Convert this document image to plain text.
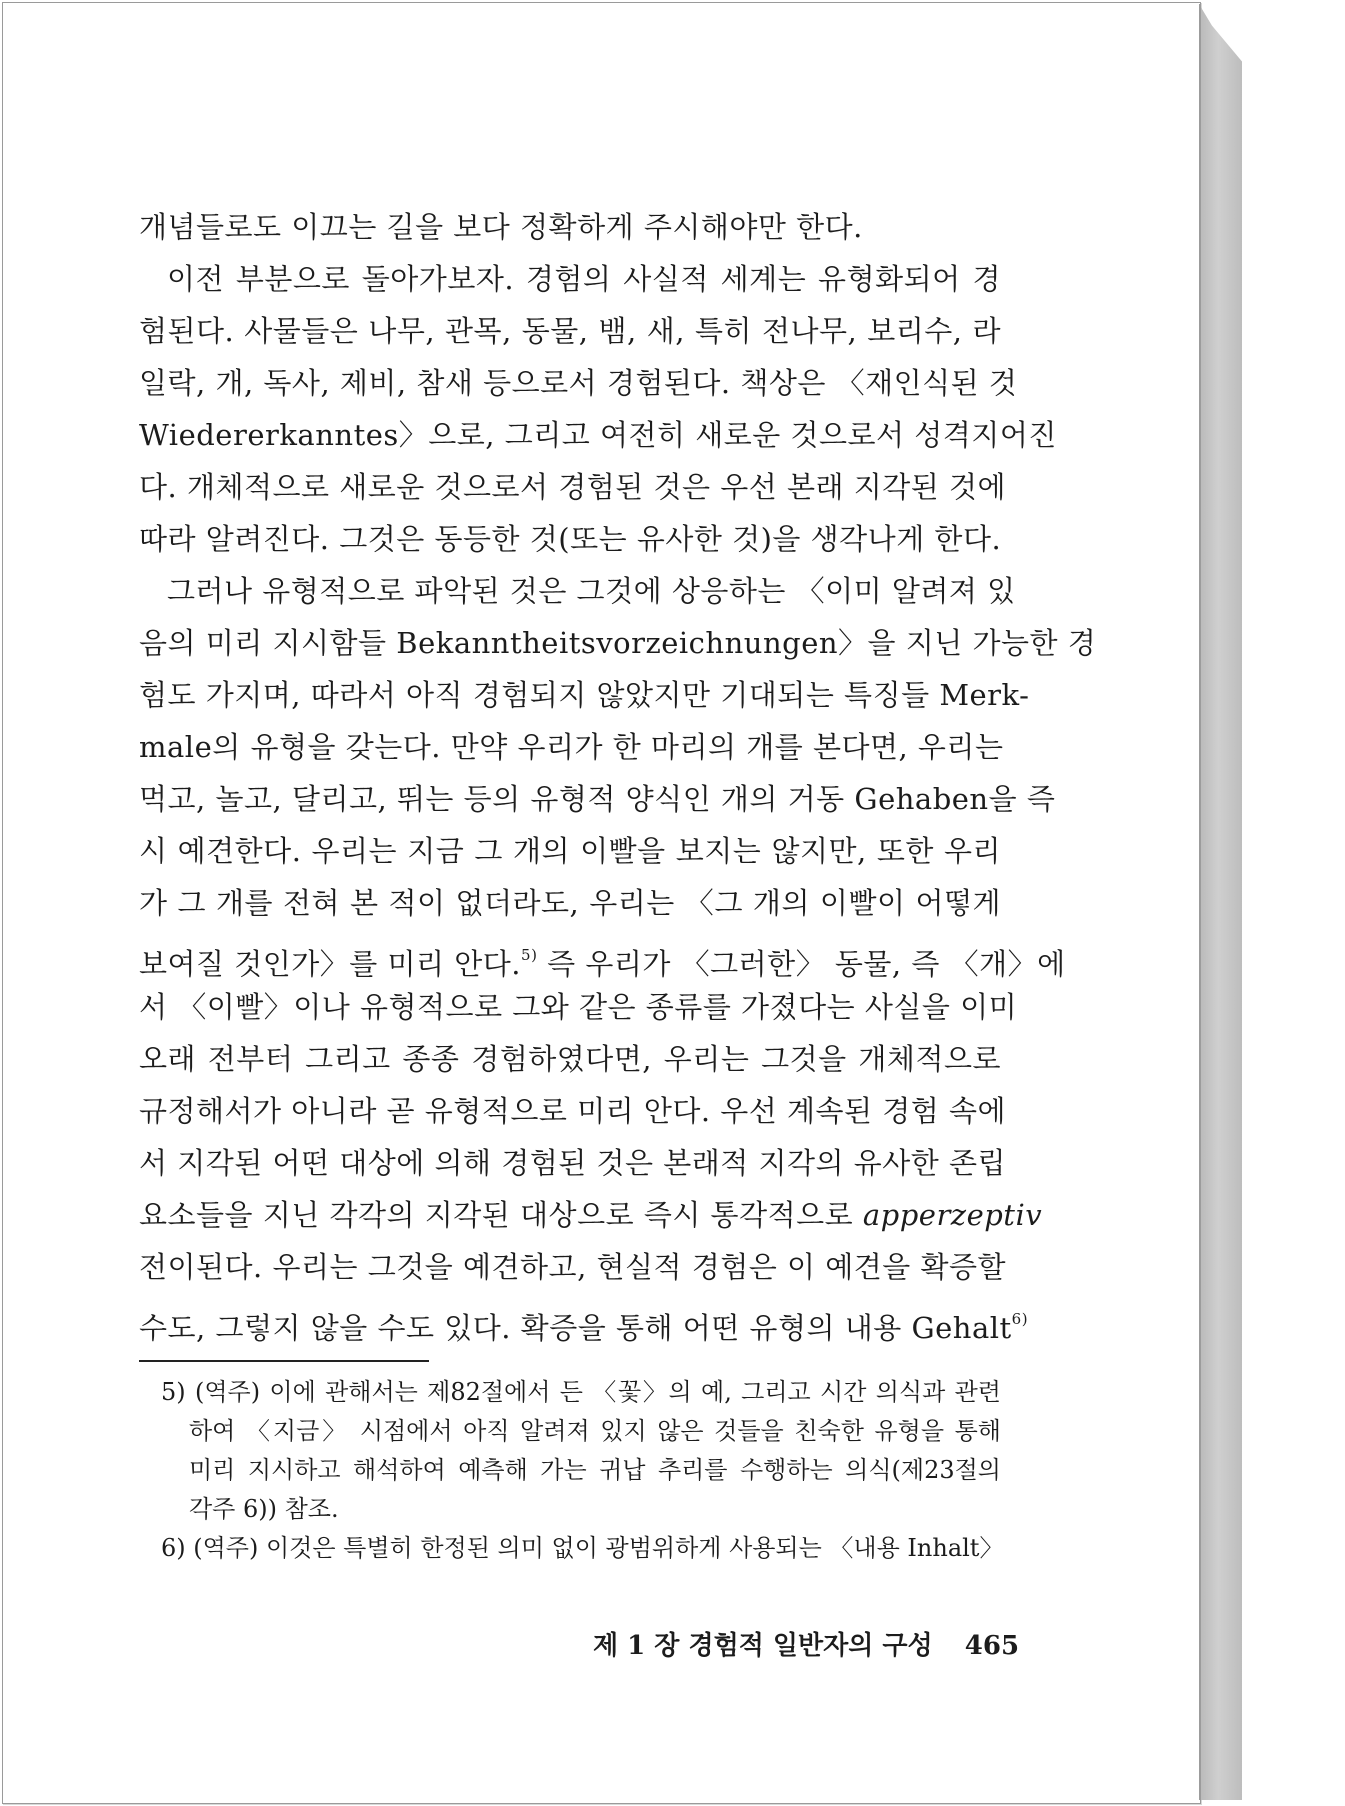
개념들로도 이끄는 길을 보다 정확하게 주시해야만 한다.
이전 부분으로 돌아가보자. 경험의 사실적 세계는 유형화되어 경
험된다. 사물들은 나무, 관목, 동물, 뱀, 새, 특히 전나무, 보리수, 라
일락, 개, 독사, 제비, 참새 등으로서 경험된다. 책상은 〈재인식된 것
Wiedererkanntes〉으로, 그리고 여전히 새로운 것으로서 성격지어진
다. 개체적으로 새로운 것으로서 경험된 것은 우선 본래 지각된 것에
따라 알려진다. 그것은 동등한 것(또는 유사한 것)을 생각나게 한다.
그러나 유형적으로 파악된 것은 그것에 상응하는 〈이미 알려져 있
음의 미리 지시함들 Bekanntheitsvorzeichnungen〉을 지닌 가능한 경
험도 가지며, 따라서 아직 경험되지 않았지만 기대되는 특징들 Merk-
male의 유형을 갖는다. 만약 우리가 한 마리의 개를 본다면, 우리는
먹고, 놀고, 달리고, 뛰는 등의 유형적 양식인 개의 거동 Gehaben을 즉
시 예견한다. 우리는 지금 그 개의 이빨을 보지는 않지만, 또한 우리
가 그 개를 전혀 본 적이 없더라도, 우리는 〈그 개의 이빨이 어떻게
보여질 것인가〉를 미리 안다.$^{5)}$ 즉 우리가 〈그러한〉 동물, 즉 〈개〉에
서 〈이빨〉이나 유형적으로 그와 같은 종류를 가졌다는 사실을 이미
오래 전부터 그리고 종종 경험하였다면, 우리는 그것을 개체적으로
규정해서가 아니라 곧 유형적으로 미리 안다. 우선 계속된 경험 속에
서 지각된 어떤 대상에 의해 경험된 것은 본래적 지각의 유사한 존립
요소들을 지닌 각각의 지각된 대상으로 즉시 통각적으로 apperzeptiv
전이된다. 우리는 그것을 예견하고, 현실적 경험은 이 예견을 확증할
수도, 그렇지 않을 수도 있다. 확증을 통해 어떤 유형의 내용 Gehalt$^{6)}$
5) (역주) 이에 관해서는 제82절에서 든 〈꽃〉의 예, 그리고 시간 의식과 관련
하여 〈지금〉 시점에서 아직 알려져 있지 않은 것들을 친숙한 유형을 통해
미리 지시하고 해석하여 예측해 가는 귀납 추리를 수행하는 의식(제23절의
각주 6)) 참조.
6) (역주) 이것은 특별히 한정된 의미 없이 광범위하게 사용되는 〈내용 Inhalt〉
제 1 장 경험적 일반자의 구성 465
